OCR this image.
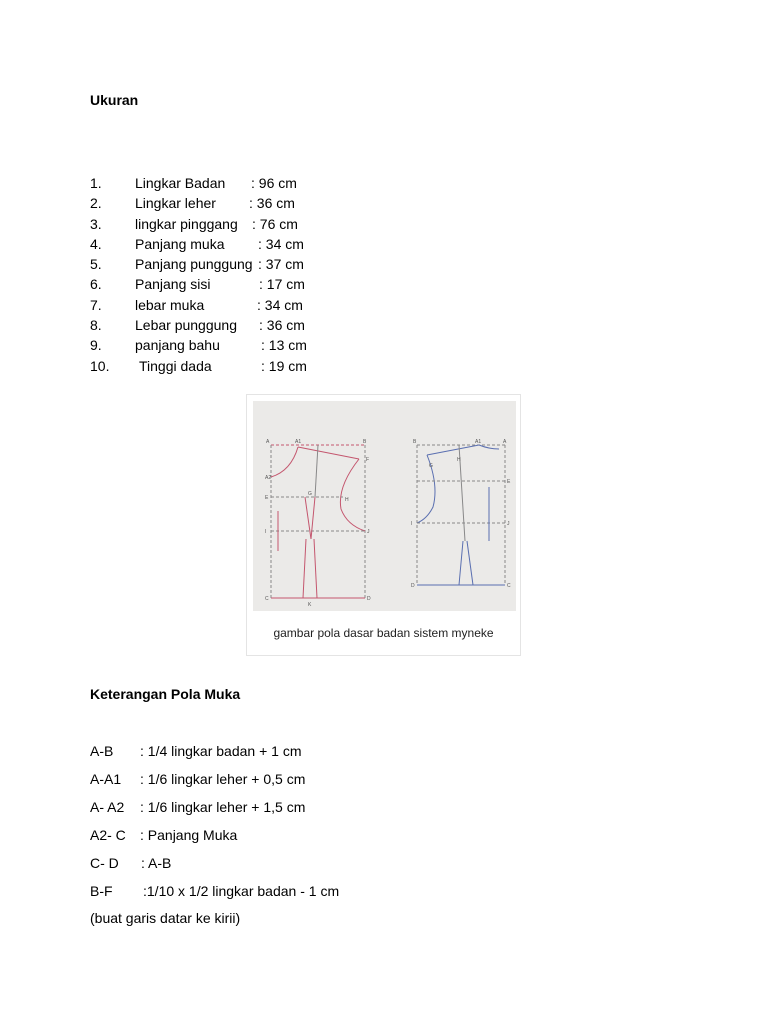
Ukuran
1. Lingkar Badan : 96 cm
2. Lingkar leher : 36 cm
3. lingkar pinggang : 76 cm
4. Panjang muka : 34 cm
5. Panjang punggung : 37 cm
6. Panjang sisi	: 17 cm
7. lebar muka	: 34 cm
8. Lebar punggung : 36 cm
9. panjang bahu	: 13 cm
10. Tinggi dada	: 19 cm
A	A1	B
F
A2
E
G
H
I	J
C	D
K
B	A1	A
E
G
H
I	J
D	C
gambar pola dasar badan sistem myneke
Keterangan Pola Muka
A-B : 1/4 lingkar badan + 1 cm
A-A1 : 1/6 lingkar leher + 0,5 cm
A- A2 : 1/6 lingkar leher + 1,5 cm
A2- C : Panjang Muka
C- D : A-B
B-F :1/10 x 1/2 lingkar badan - 1 cm
(buat garis datar ke kirii)
